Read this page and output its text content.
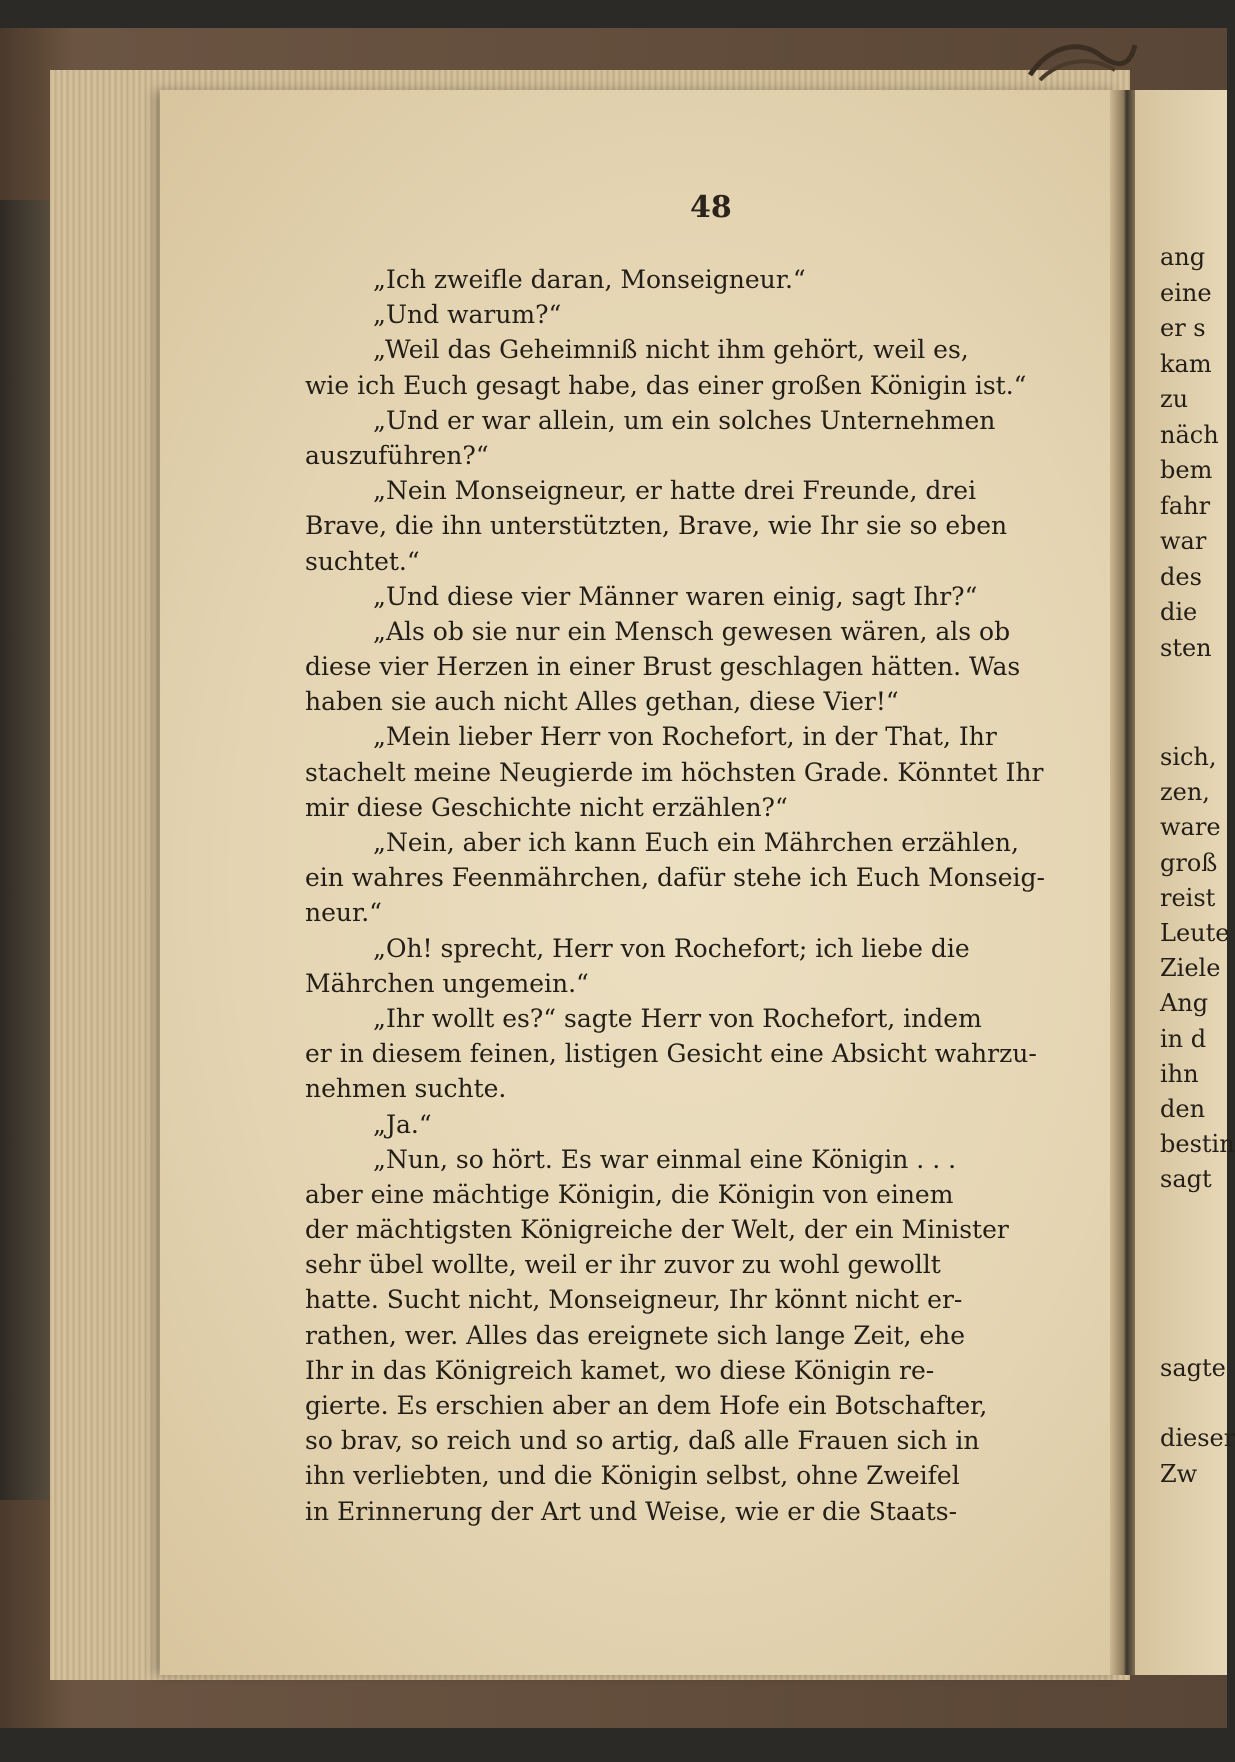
48
„Ich zweifle daran, Monseigneur.“
„Und warum?“
„Weil das Geheimniß nicht ihm gehört, weil es,
wie ich Euch gesagt habe, das einer großen Königin ist.“
„Und er war allein, um ein solches Unternehmen
auszuführen?“
„Nein Monseigneur, er hatte drei Freunde, drei
Brave, die ihn unterstützten, Brave, wie Ihr sie so eben
suchtet.“
„Und diese vier Männer waren einig, sagt Ihr?“
„Als ob sie nur ein Mensch gewesen wären, als ob
diese vier Herzen in einer Brust geschlagen hätten. Was
haben sie auch nicht Alles gethan, diese Vier!“
„Mein lieber Herr von Rochefort, in der That, Ihr
stachelt meine Neugierde im höchsten Grade. Könntet Ihr
mir diese Geschichte nicht erzählen?“
„Nein, aber ich kann Euch ein Mährchen erzählen,
ein wahres Feenmährchen, dafür stehe ich Euch Monseig-
neur.“
„Oh! sprecht, Herr von Rochefort; ich liebe die
Mährchen ungemein.“
„Ihr wollt es?“ sagte Herr von Rochefort, indem
er in diesem feinen, listigen Gesicht eine Absicht wahrzu-
nehmen suchte.
„Ja.“
„Nun, so hört. Es war einmal eine Königin . . .
aber eine mächtige Königin, die Königin von einem
der mächtigsten Königreiche der Welt, der ein Minister
sehr übel wollte, weil er ihr zuvor zu wohl gewollt
hatte. Sucht nicht, Monseigneur, Ihr könnt nicht er-
rathen, wer. Alles das ereignete sich lange Zeit, ehe
Ihr in das Königreich kamet, wo diese Königin re-
gierte. Es erschien aber an dem Hofe ein Botschafter,
so brav, so reich und so artig, daß alle Frauen sich in
ihn verliebten, und die Königin selbst, ohne Zweifel
in Erinnerung der Art und Weise, wie er die Staats-
ang
eine
er s
kam
zu
näch
bem
fahr
war
des
die
sten
sich,
zen,
ware
groß
reist
Leute
Ziele
Ang
in d
ihn
den
bestin
sagt
sagte

dieser
Zw
